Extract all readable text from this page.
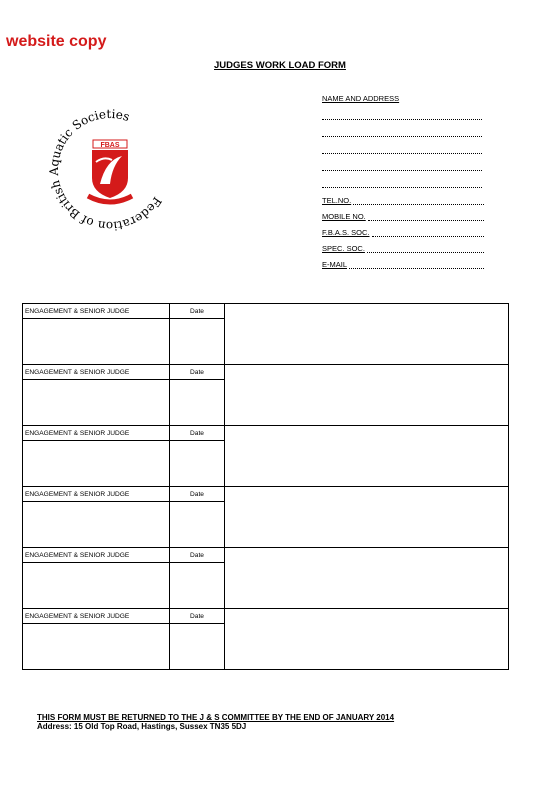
website copy
JUDGES WORK LOAD FORM
Federation of British Aquatic Societies
FBAS
NAME AND ADDRESS
TEL.NO.
MOBILE NO.
F.B.A.S. SOC.
SPEC. SOC.
E-MAIL
ENGAGEMENT & SENIOR JUDGE	Date
ENGAGEMENT & SENIOR JUDGE	Date
ENGAGEMENT & SENIOR JUDGE	Date
ENGAGEMENT & SENIOR JUDGE	Date
ENGAGEMENT & SENIOR JUDGE	Date
ENGAGEMENT & SENIOR JUDGE	Date
THIS FORM MUST BE RETURNED TO THE J & S COMMITTEE BY THE END OF JANUARY 2014
Address: 15 Old Top Road, Hastings, Sussex TN35 5DJ
